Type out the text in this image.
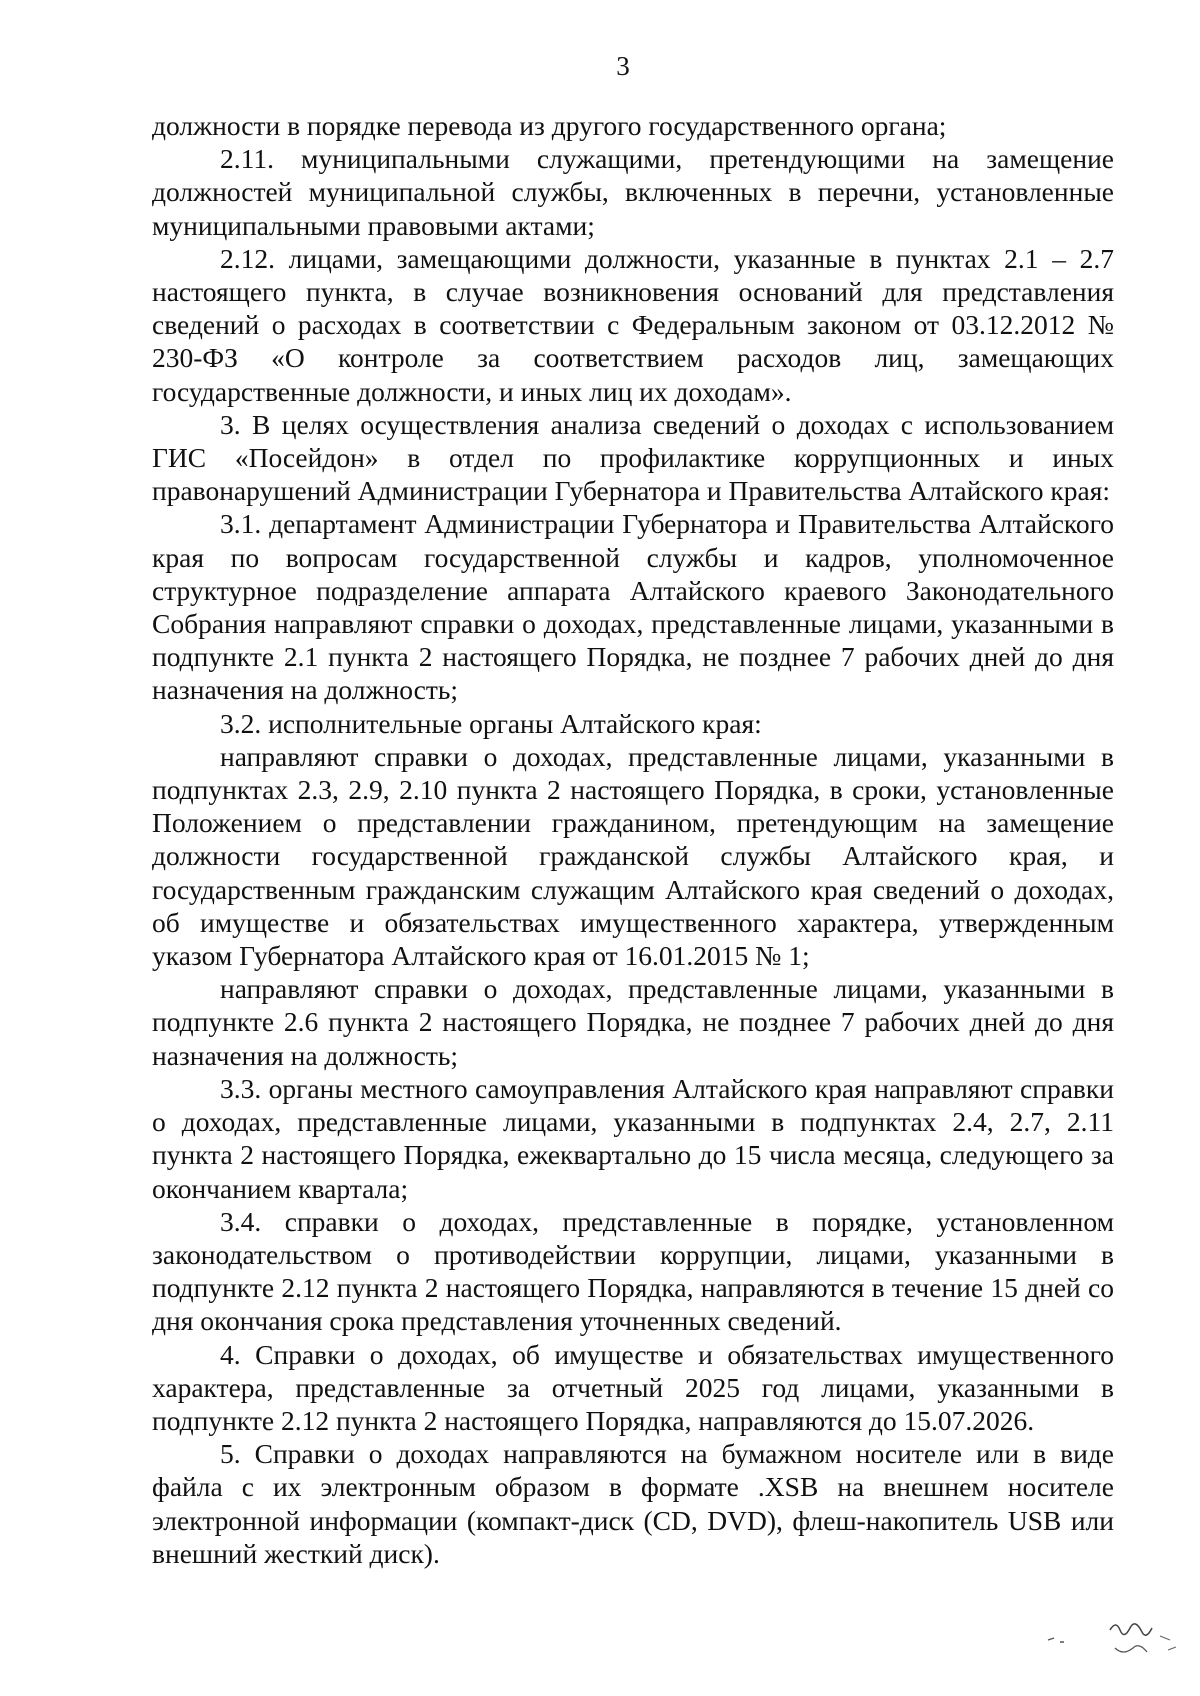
3

должности в порядке перевода из другого государственного органа;

2.11. муниципальными служащими, претендующими на замещение должностей муниципальной службы, включенных в перечни, установленные муниципальными правовыми актами;

2.12. лицами, замещающими должности, указанные в пунктах 2.1 – 2.7 настоящего пункта, в случае возникновения оснований для представления сведений о расходах в соответствии с Федеральным законом от 03.12.2012 № 230-ФЗ «О контроле за соответствием расходов лиц, замещающих государственные должности, и иных лиц их доходам».

3. В целях осуществления анализа сведений о доходах с использованием ГИС «Посейдон» в отдел по профилактике коррупционных и иных правонарушений Администрации Губернатора и Правительства Алтайского края:

3.1. департамент Администрации Губернатора и Правительства Алтайского края по вопросам государственной службы и кадров, уполномоченное структурное подразделение аппарата Алтайского краевого Законодательного Собрания направляют справки о доходах, представленные лицами, указанными в подпункте 2.1 пункта 2 настоящего Порядка, не позднее 7 рабочих дней до дня назначения на должность;

3.2. исполнительные органы Алтайского края:

направляют справки о доходах, представленные лицами, указанными в подпунктах 2.3, 2.9, 2.10 пункта 2 настоящего Порядка, в сроки, установленные Положением о представлении гражданином, претендующим на замещение должности государственной гражданской службы Алтайского края, и государственным гражданским служащим Алтайского края сведений о доходах, об имуществе и обязательствах имущественного характера, утвержденным указом Губернатора Алтайского края от 16.01.2015 № 1;

направляют справки о доходах, представленные лицами, указанными в подпункте 2.6 пункта 2 настоящего Порядка, не позднее 7 рабочих дней до дня назначения на должность;

3.3. органы местного самоуправления Алтайского края направляют справки о доходах, представленные лицами, указанными в подпунктах 2.4, 2.7, 2.11 пункта 2 настоящего Порядка, ежеквартально до 15 числа месяца, следующего за окончанием квартала;

3.4. справки о доходах, представленные в порядке, установленном законодательством о противодействии коррупции, лицами, указанными в подпункте 2.12 пункта 2 настоящего Порядка, направляются в течение 15 дней со дня окончания срока представления уточненных сведений.

4. Справки о доходах, об имуществе и обязательствах имущественного характера, представленные за отчетный 2025 год лицами, указанными в подпункте 2.12 пункта 2 настоящего Порядка, направляются до 15.07.2026.

5. Справки о доходах направляются на бумажном носителе или в виде файла с их электронным образом в формате .XSB на внешнем носителе электронной информации (компакт-диск (CD, DVD), флеш-накопитель USB или внешний жесткий диск).
